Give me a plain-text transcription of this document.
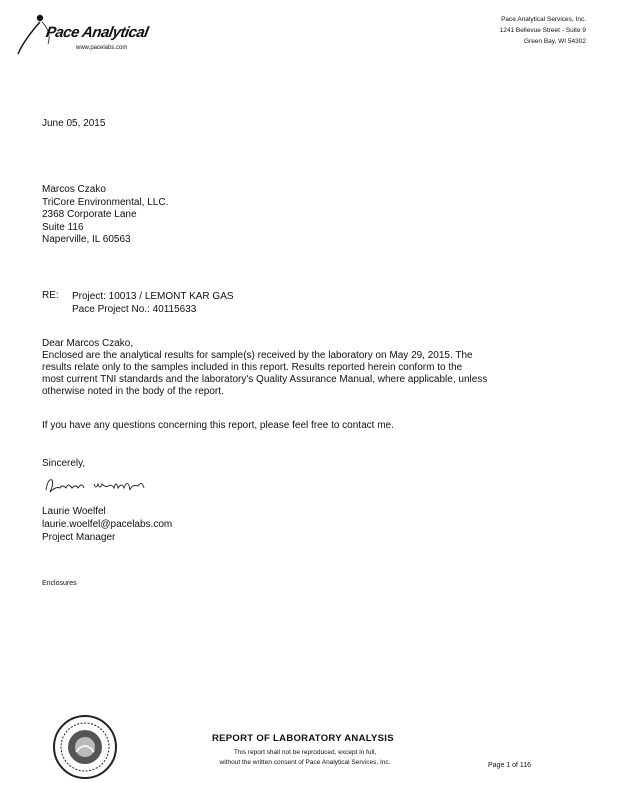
Pace Analytical
www.pacelabs.com
Pace Analytical Services, Inc.
1241 Bellevue Street - Suite 9
Green Bay, WI 54302
June 05, 2015
Marcos Czako
TriCore Environmental, LLC.
2368 Corporate Lane
Suite 116
Naperville, IL 60563
RE: Project: 10013 / LEMONT KAR GAS
Pace Project No.: 40115633
Dear Marcos Czako,
Enclosed are the analytical results for sample(s) received by the laboratory on May 29, 2015. The
results relate only to the samples included in this report. Results reported herein conform to the
most current TNI standards and the laboratory's Quality Assurance Manual, where applicable, unless
otherwise noted in the body of the report.
If you have any questions concerning this report, please feel free to contact me.
Sincerely,
Laurie Woelfel
laurie.woelfel@pacelabs.com
Project Manager
Enclosures
REPORT OF LABORATORY ANALYSIS
This report shall not be reproduced, except in full,
without the written consent of Pace Analytical Services, Inc.	Page 1 of 116
